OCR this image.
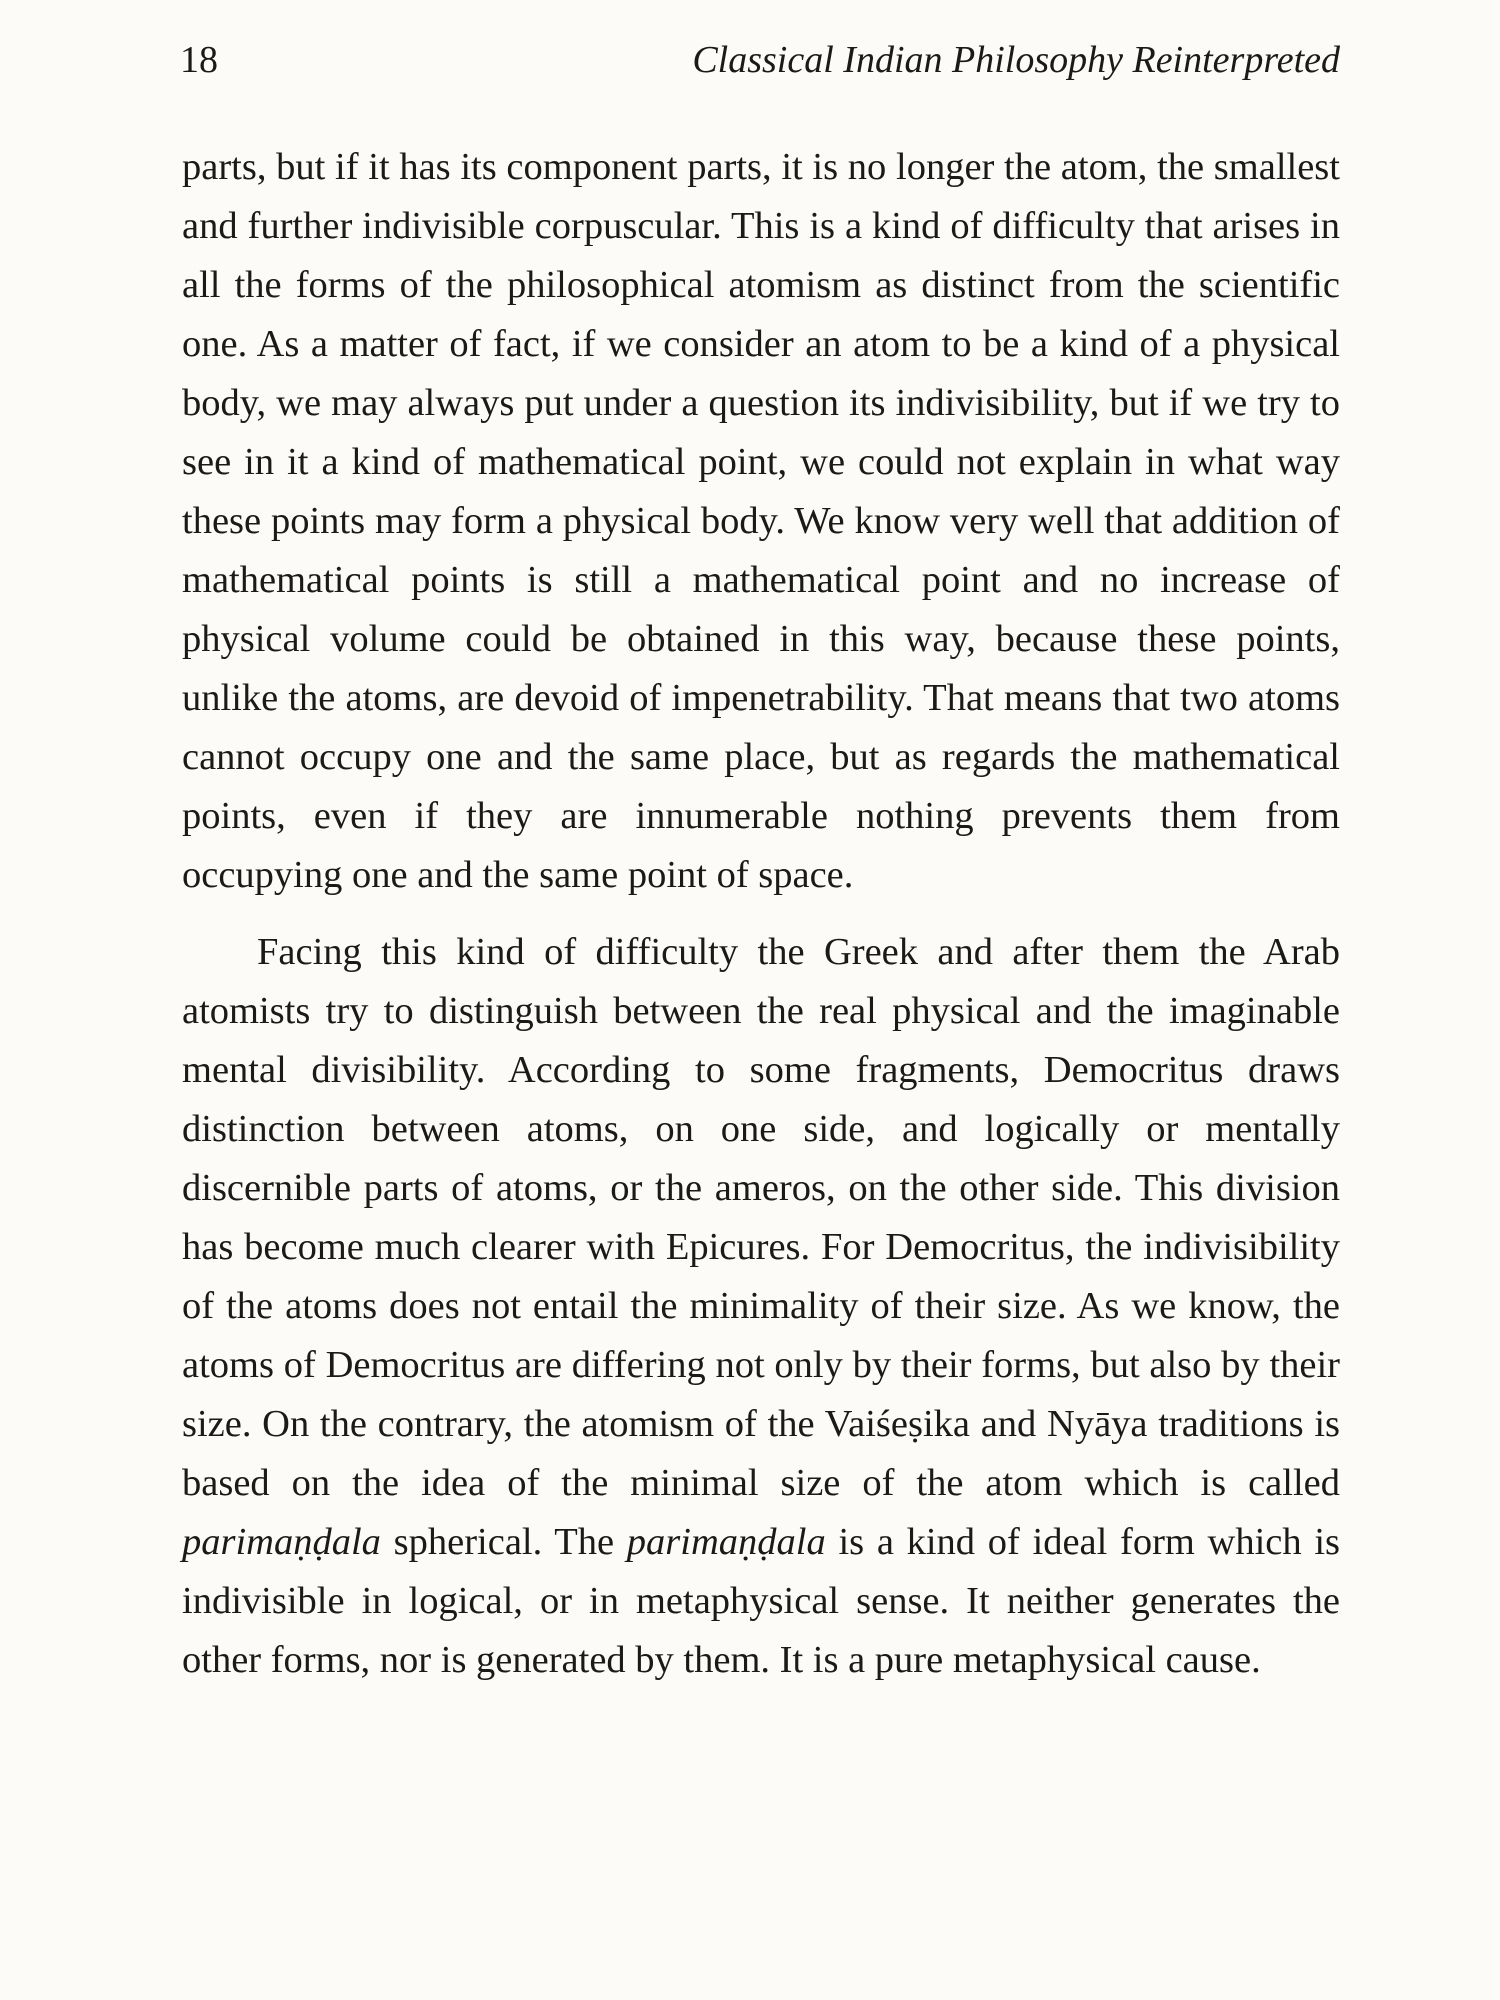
18	Classical Indian Philosophy Reinterpreted

parts, but if it has its component parts, it is no longer the atom, the smallest and further indivisible corpuscular. This is a kind of difficulty that arises in all the forms of the philosophical atomism as distinct from the scientific one. As a matter of fact, if we consider an atom to be a kind of a physical body, we may always put under a question its indivisibility, but if we try to see in it a kind of mathematical point, we could not explain in what way these points may form a physical body. We know very well that addition of mathematical points is still a mathematical point and no increase of physical volume could be obtained in this way, because these points, unlike the atoms, are devoid of impenetrability. That means that two atoms cannot occupy one and the same place, but as regards the mathematical points, even if they are innumerable nothing prevents them from occupying one and the same point of space.

Facing this kind of difficulty the Greek and after them the Arab atomists try to distinguish between the real physical and the imaginable mental divisibility. According to some fragments, Democritus draws distinction between atoms, on one side, and logically or mentally discernible parts of atoms, or the ameros, on the other side. This division has become much clearer with Epicures. For Democritus, the indivisibility of the atoms does not entail the minimality of their size. As we know, the atoms of Democritus are differing not only by their forms, but also by their size. On the contrary, the atomism of the Vaiśeṣika and Nyāya traditions is based on the idea of the minimal size of the atom which is called parimaṇḍala spherical. The parimaṇḍala is a kind of ideal form which is indivisible in logical, or in metaphysical sense. It neither generates the other forms, nor is generated by them. It is a pure metaphysical cause.
